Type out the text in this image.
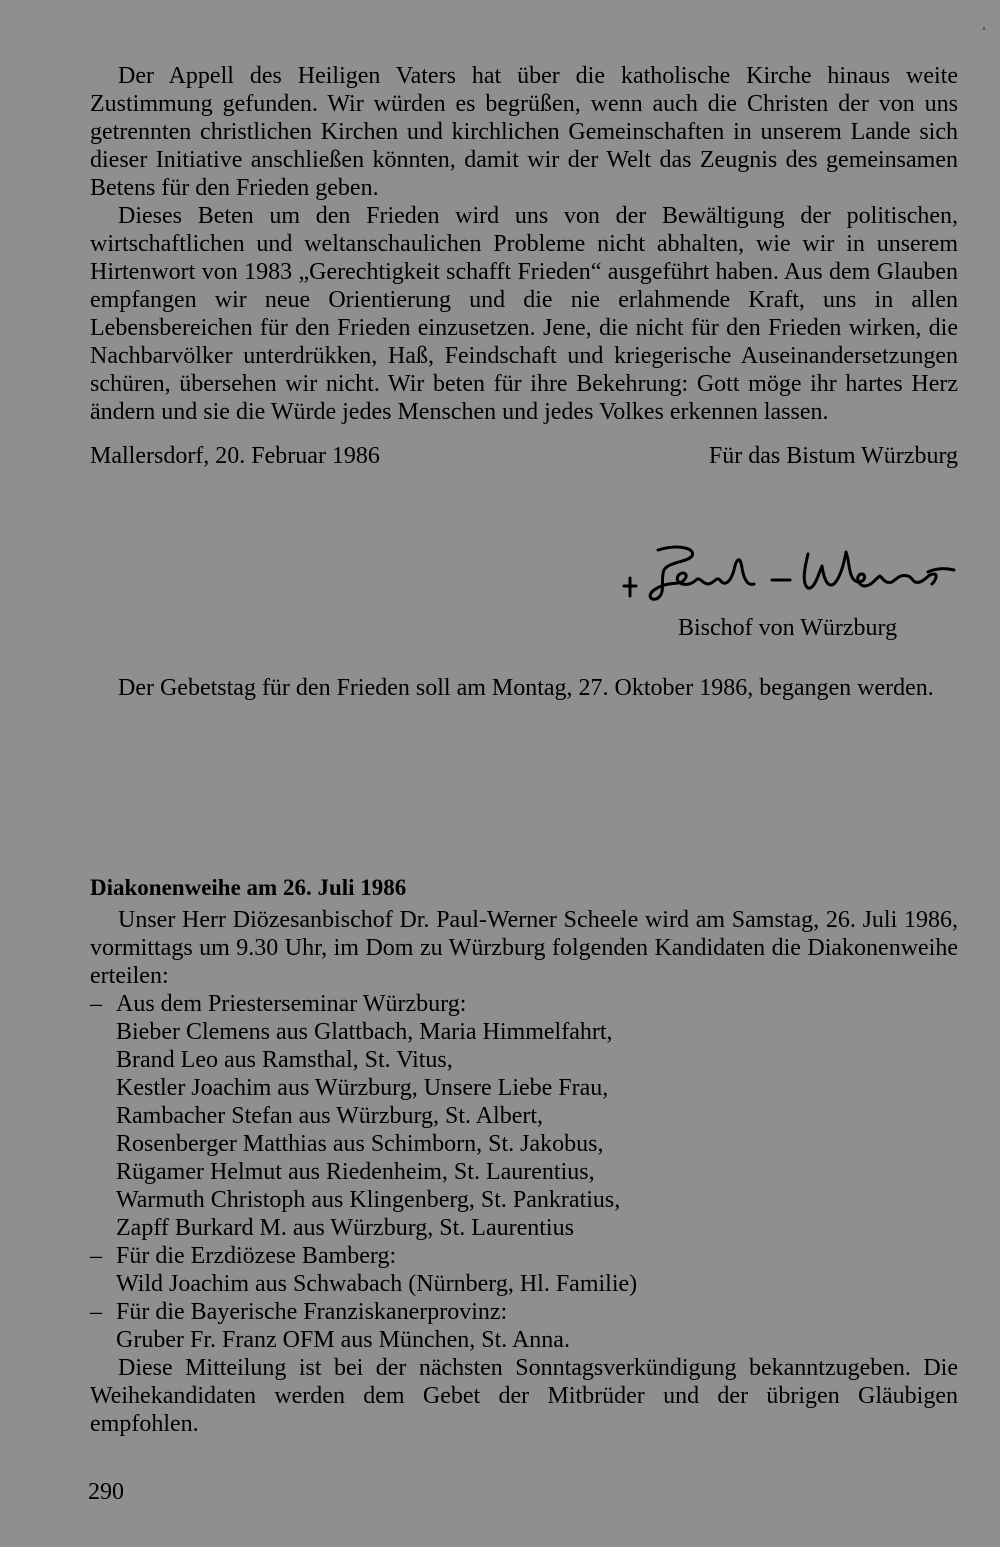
Der Appell des Heiligen Vaters hat über die katholische Kirche hinaus weite Zustimmung gefunden. Wir würden es begrüßen, wenn auch die Christen der von uns getrennten christlichen Kirchen und kirchlichen Gemeinschaften in unserem Lande sich dieser Initiative anschließen könnten, damit wir der Welt das Zeugnis des gemeinsamen Betens für den Frieden geben.

Dieses Beten um den Frieden wird uns von der Bewältigung der politischen, wirtschaftlichen und weltanschaulichen Probleme nicht abhalten, wie wir in unserem Hirtenwort von 1983 „Gerechtigkeit schafft Frieden“ ausgeführt haben. Aus dem Glauben empfangen wir neue Orientierung und die nie erlahmende Kraft, uns in allen Lebensbereichen für den Frieden einzusetzen. Jene, die nicht für den Frieden wirken, die Nachbarvölker unterdrükken, Haß, Feindschaft und kriegerische Auseinandersetzungen schüren, übersehen wir nicht. Wir beten für ihre Bekehrung: Gott möge ihr hartes Herz ändern und sie die Würde jedes Menschen und jedes Volkes erkennen lassen.

Mallersdorf, 20. Februar 1986	Für das Bistum Würzburg
Bischof von Würzburg

Der Gebetstag für den Frieden soll am Montag, 27. Oktober 1986, begangen werden.

Diakonenweihe am 26. Juli 1986

Unser Herr Diözesanbischof Dr. Paul-Werner Scheele wird am Samstag, 26. Juli 1986, vormittags um 9.30 Uhr, im Dom zu Würzburg folgenden Kandidaten die Diakonenweihe erteilen:

– Aus dem Priesterseminar Würzburg:
Bieber Clemens aus Glattbach, Maria Himmelfahrt,
Brand Leo aus Ramsthal, St. Vitus,
Kestler Joachim aus Würzburg, Unsere Liebe Frau,
Rambacher Stefan aus Würzburg, St. Albert,
Rosenberger Matthias aus Schimborn, St. Jakobus,
Rügamer Helmut aus Riedenheim, St. Laurentius,
Warmuth Christoph aus Klingenberg, St. Pankratius,
Zapff Burkard M. aus Würzburg, St. Laurentius
– Für die Erzdiözese Bamberg:
Wild Joachim aus Schwabach (Nürnberg, Hl. Familie)
– Für die Bayerische Franziskanerprovinz:
Gruber Fr. Franz OFM aus München, St. Anna.

Diese Mitteilung ist bei der nächsten Sonntagsverkündigung bekanntzugeben. Die Weihekandidaten werden dem Gebet der Mitbrüder und der übrigen Gläubigen empfohlen.

290
